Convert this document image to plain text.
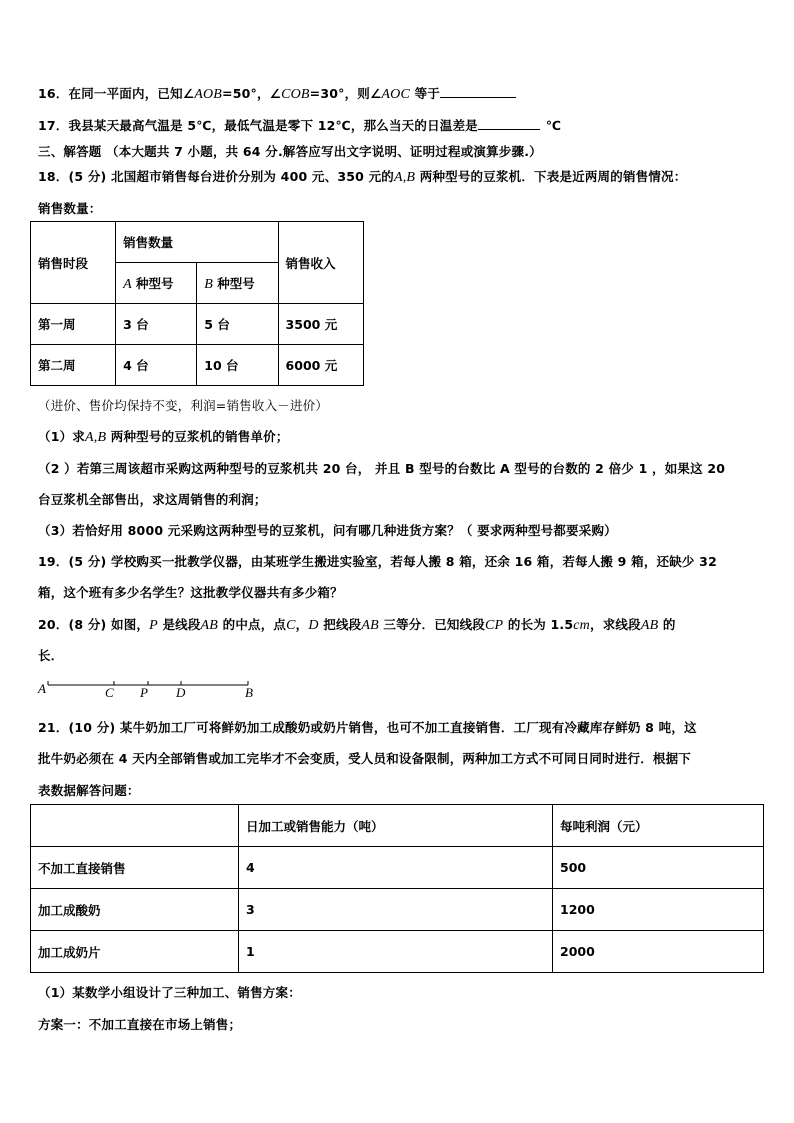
16．在同一平面内，已知∠AOB=50°，∠COB=30°，则∠AOC 等于
17．我县某天最高气温是 5℃，最低气温是零下 12℃，那么当天的日温差是	℃
三、解答题 （本大题共 7 小题，共 64 分.解答应写出文字说明、证明过程或演算步骤.）
18．(5 分) 北国超市销售每台进价分别为 400 元、350 元的A,B 两种型号的豆浆机．下表是近两周的销售情况：
销售数量：
销售时段	销售数量		销售收入
	A 种型号	B 种型号	
第一周	3 台	5 台	3500 元
第二周	4 台	10 台	6000 元
（进价、售价均保持不变，利润=销售收入－进价）
（1）求A,B 两种型号的豆浆机的销售单价；
（2 ）若第三周该超市采购这两种型号的豆浆机共 20 台， 并且 B 型号的台数比 A 型号的台数的 2 倍少 1 ，如果这 20
台豆浆机全部售出，求这周销售的利润；
（3）若恰好用 8000 元采购这两种型号的豆浆机，问有哪几种进货方案？（ 要求两种型号都要采购）
19．(5 分) 学校购买一批教学仪器，由某班学生搬进实验室，若每人搬 8 箱，还余 16 箱，若每人搬 9 箱，还缺少 32
箱，这个班有多少名学生？这批教学仪器共有多少箱？
20．(8 分) 如图，P 是线段AB 的中点，点C，D 把线段AB 三等分．已知线段CP 的长为 1.5cm，求线段AB 的
长．
A	C P D	B
21．(10 分) 某牛奶加工厂可将鲜奶加工成酸奶或奶片销售，也可不加工直接销售．工厂现有冷藏库存鲜奶 8 吨，这
批牛奶必须在 4 天内全部销售或加工完毕才不会变质，受人员和设备限制，两种加工方式不可同日同时进行．根据下
表数据解答问题：
	日加工或销售能力（吨）	每吨利润（元）
不加工直接销售	4	500
加工成酸奶	3	1200
加工成奶片	1	2000
（1）某数学小组设计了三种加工、销售方案：
方案一：不加工直接在市场上销售；
